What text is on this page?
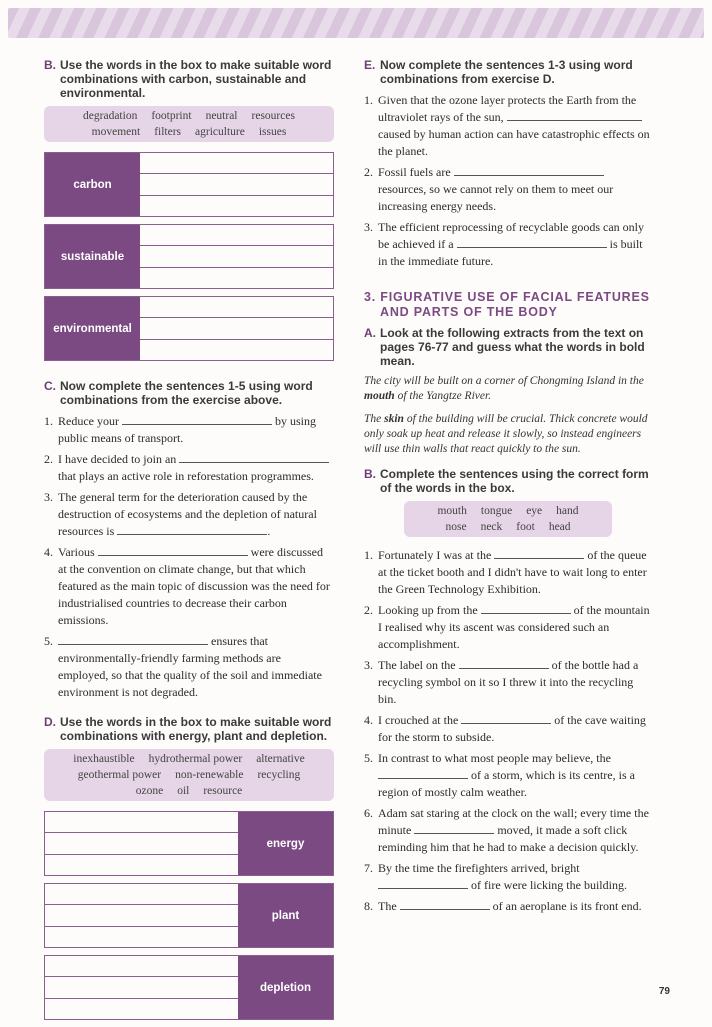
B. Use the words in the box to make suitable word combinations with carbon, sustainable and environmental.
degradation footprint neutral resources
movement filters agriculture issues
carbon
sustainable
environmental
C. Now complete the sentences 1-5 using word combinations from the exercise above.
1. Reduce your	by using public means of transport.
2. I have decided to join an  that plays an active role in reforestation programmes.
3. The general term for the deterioration caused by the destruction of ecosystems and the depletion of natural resources is	.
4. Various	were discussed at the convention on climate change, but that which featured as the main topic of discussion was the need for industrialised countries to decrease their carbon emissions.
5.	ensures that environmentally-friendly farming methods are employed, so that the quality of the soil and immediate environment is not degraded.
D. Use the words in the box to make suitable word combinations with energy, plant and depletion.
inexhaustible hydrothermal power alternative
geothermal power non-renewable recycling
ozone oil resource
energy
plant
depletion
E. Now complete the sentences 1-3 using word combinations from exercise D.
1. Given that the ozone layer protects the Earth from the ultraviolet rays of the sun,  caused by human action can have catastrophic effects on the planet.
2. Fossil fuels are  resources, so we cannot rely on them to meet our increasing energy needs.
3. The efficient reprocessing of recyclable goods can only be achieved if a	is built in the immediate future.
3. FIGURATIVE USE OF FACIAL FEATURES
AND PARTS OF THE BODY
A. Look at the following extracts from the text on pages 76-77 and guess what the words in bold mean.

The city will be built on a corner of Chongming Island in the mouth of the Yangtze River.

The skin of the building will be crucial. Thick concrete would only soak up heat and release it slowly, so instead engineers will use thin walls that react quickly to the sun.

B. Complete the sentences using the correct form of the words in the box.
mouth tongue eye hand
nose neck foot head
1. Fortunately I was at the	of the queue at the ticket booth and I didn't have to wait long to enter the Green Technology Exhibition.
2. Looking up from the	of the mountain I realised why its ascent was considered such an accomplishment.
3. The label on the	of the bottle had a recycling symbol on it so I threw it into the recycling bin.
4. I crouched at the	of the cave waiting for the storm to subside.
5. In contrast to what most people may believe, the  of a storm, which is its centre, is a region of mostly calm weather.
6. Adam sat staring at the clock on the wall; every time the minute	moved, it made a soft click reminding him that he had to make a decision quickly.
7. By the time the firefighters arrived, bright  of fire were licking the building.
8. The	of an aeroplane is its front end.
79
